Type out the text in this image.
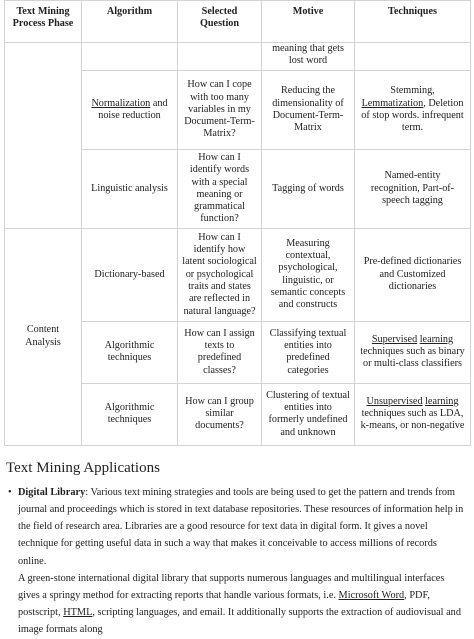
Text Mining Process Phase	Algorithm	Selected Question	Motive	Techniques
			meaning that gets lost word	
	Normalization and noise reduction	How can I cope with too many variables in my Document-Term-Matrix?	Reducing the dimensionality of Document-Term-Matrix	Stemming, Lemmatization, Deletion of stop words. infrequent term.
	Linguistic analysis	How can I identify words with a special meaning or grammatical function?	Tagging of words	Named-entity recognition, Part-of-speech tagging
Content Analysis	Dictionary-based	How can I identify how latent sociological or psychological traits and states are reflected in natural language?	Measuring contextual, psychological, linguistic, or semantic concepts and constructs	Pre-defined dictionaries and Customized dictionaries
	Algorithmic techniques	How can I assign texts to predefined classes?	Classifying textual entities into predefined categories	Supervised learning techniques such as binary or multi-class classifiers
	Algorithmic techniques	How can I group similar documents?	Clustering of textual entities into formerly undefined and unknown	Unsupervised learning techniques such as LDA, k-means, or non-negative
Text Mining Applications

• Digital Library: Various text mining strategies and tools are being used to get the pattern and trends from journal and proceedings which is stored in text database repositories. These resources of information help in the field of research area. Libraries are a good resource for text data in digital form. It gives a novel technique for getting useful data in such a way that makes it conceivable to access millions of records online.

A green-stone international digital library that supports numerous languages and multilingual interfaces gives a springy method for extracting reports that handle various formats, i.e. Microsoft Word, PDF, postscript, HTML, scripting languages, and email. It additionally supports the extraction of audiovisual and image formats along
